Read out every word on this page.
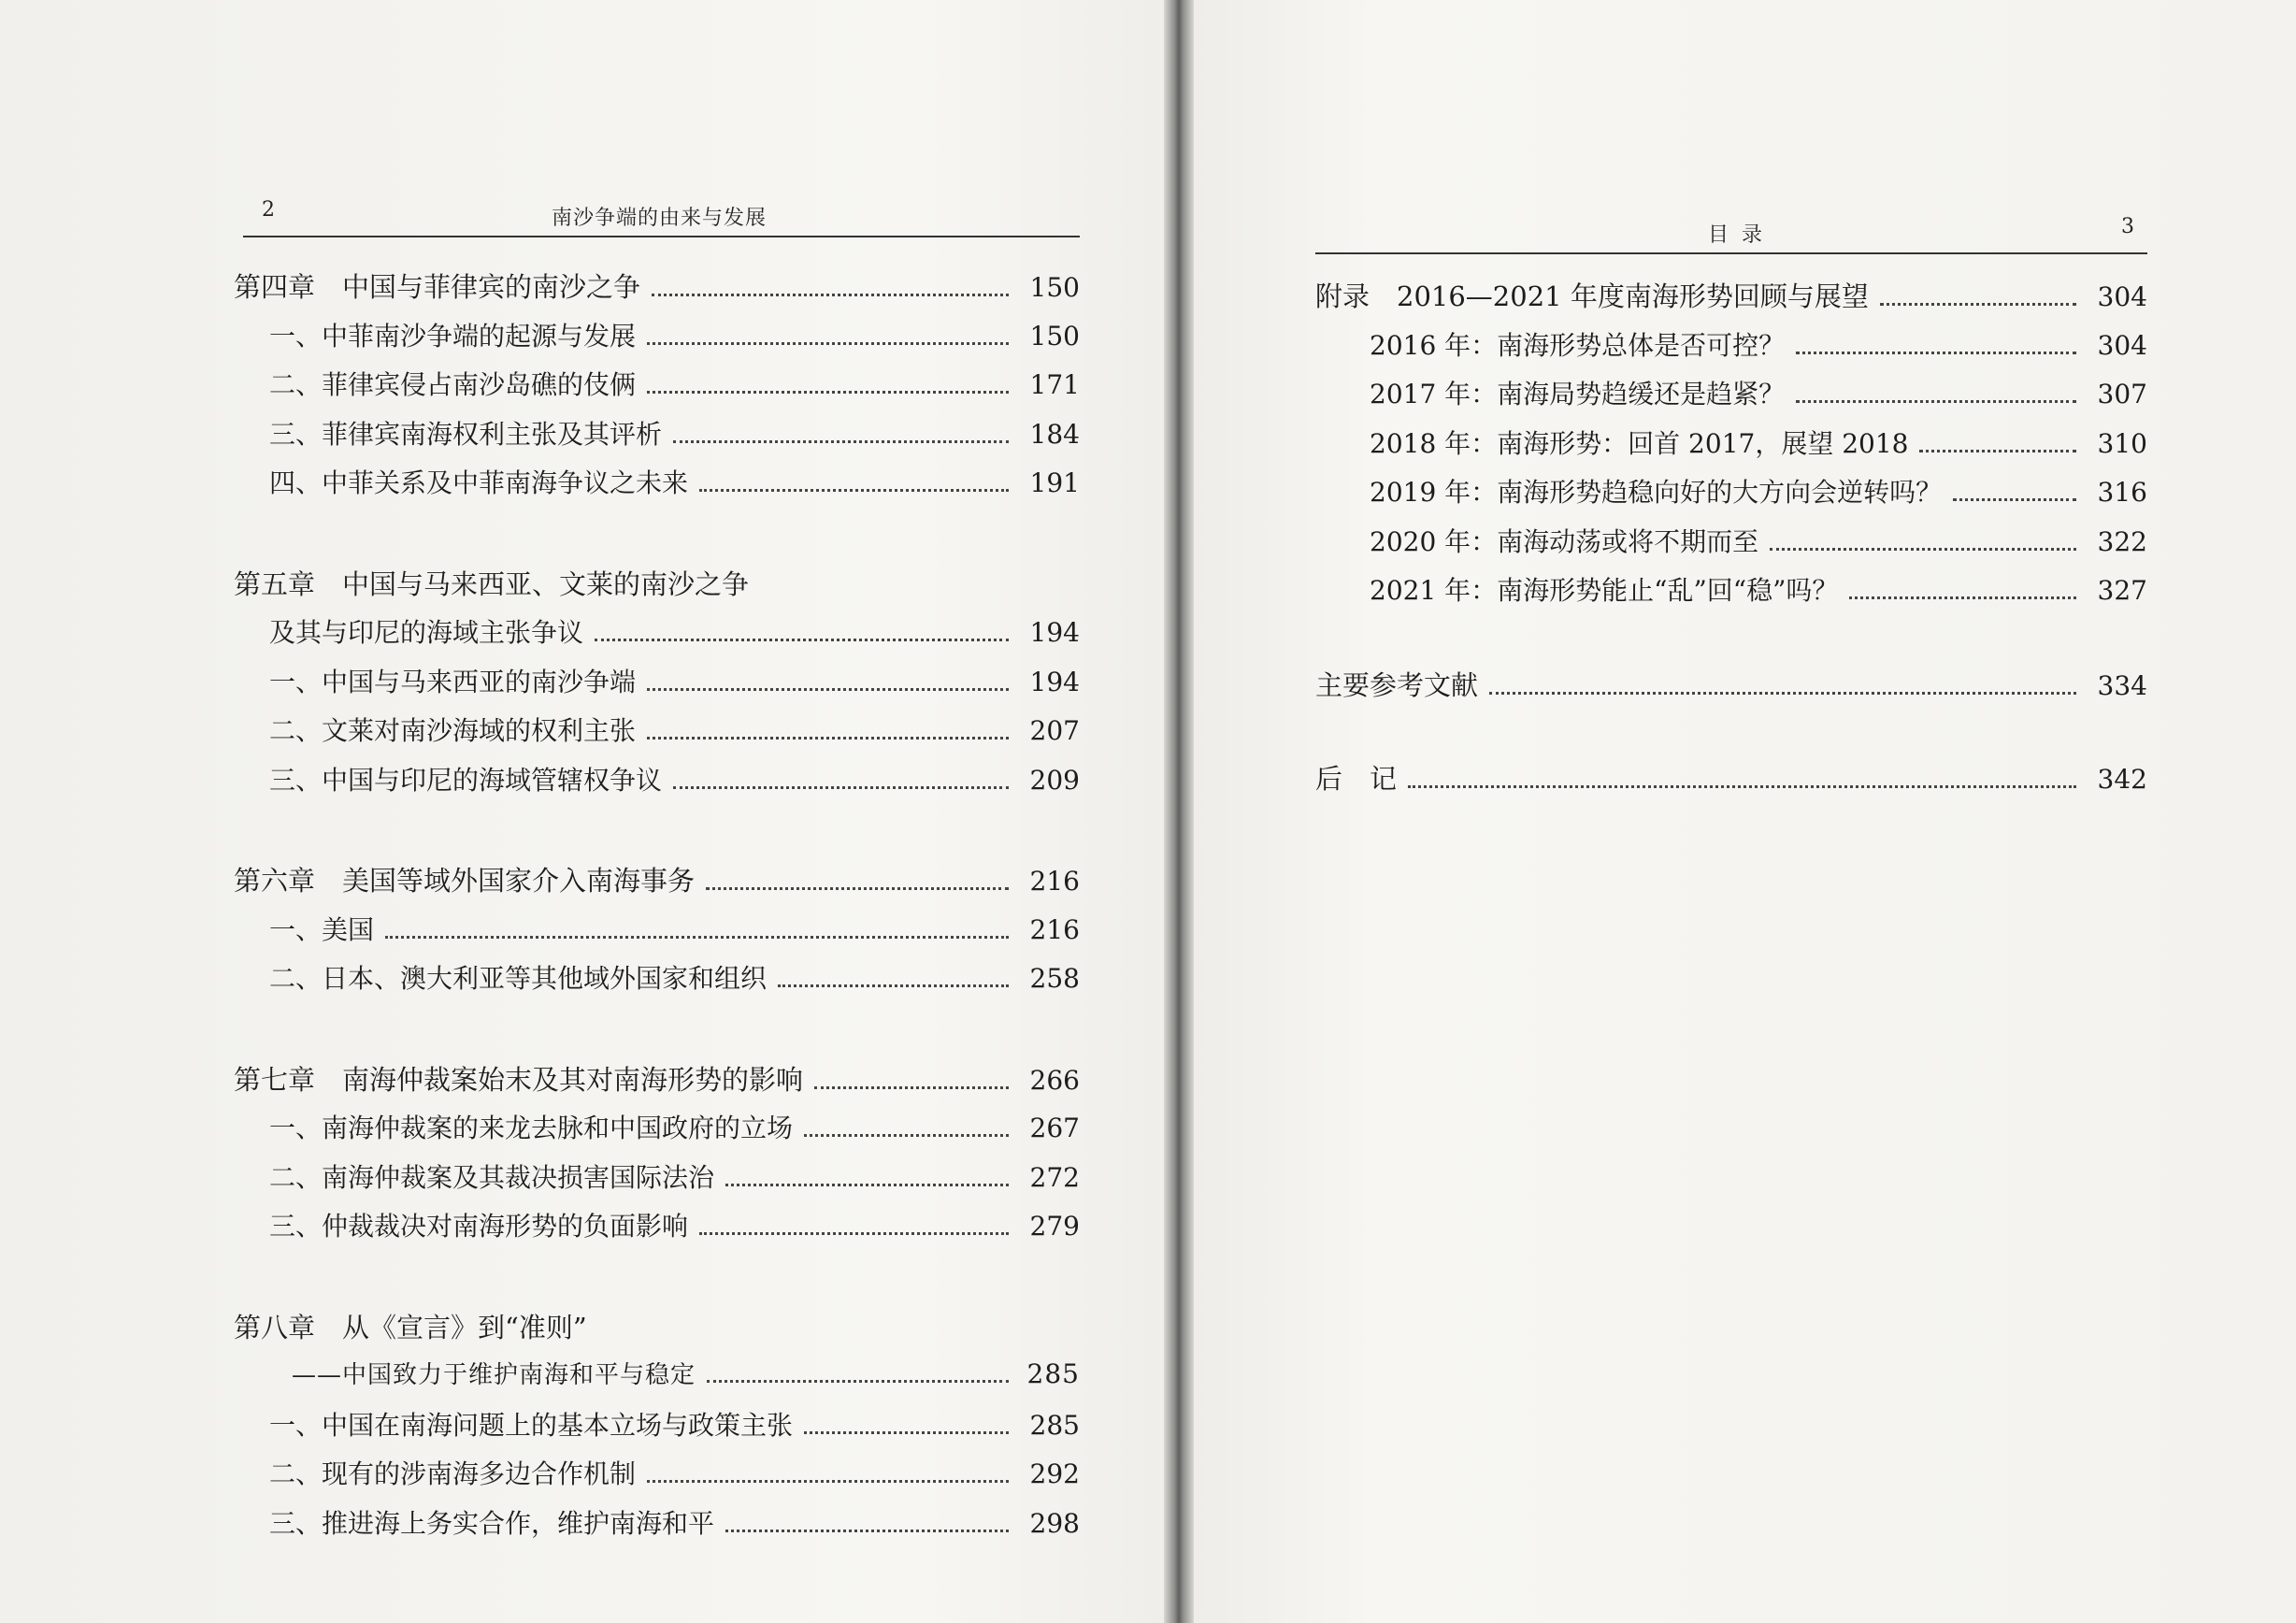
2	南沙争端的由来与发展
第四章　中国与菲律宾的南沙之争	150
一、中菲南沙争端的起源与发展	150
二、菲律宾侵占南沙岛礁的伎俩	171
三、菲律宾南海权利主张及其评析	184
四、中菲关系及中菲南海争议之未来	191
第五章　中国与马来西亚、文莱的南沙之争
及其与印尼的海域主张争议	194
一、中国与马来西亚的南沙争端	194
二、文莱对南沙海域的权利主张	207
三、中国与印尼的海域管辖权争议	209
第六章　美国等域外国家介入南海事务	216
一、美国	216
二、日本、澳大利亚等其他域外国家和组织	258
第七章　南海仲裁案始末及其对南海形势的影响	266
一、南海仲裁案的来龙去脉和中国政府的立场	267
二、南海仲裁案及其裁决损害国际法治	272
三、仲裁裁决对南海形势的负面影响	279
第八章　从《宣言》到“准则”
——中国致力于维护南海和平与稳定	285
一、中国在南海问题上的基本立场与政策主张	285
二、现有的涉南海多边合作机制	292
三、推进海上务实合作，维护南海和平	298
目录	3
附录　2016—2021 年度南海形势回顾与展望	304
2016 年：南海形势总体是否可控？	304
2017 年：南海局势趋缓还是趋紧？	307
2018 年：南海形势：回首 2017，展望 2018	310
2019 年：南海形势趋稳向好的大方向会逆转吗？	316
2020 年：南海动荡或将不期而至	322
2021 年：南海形势能止“乱”回“稳”吗？	327
主要参考文献	334
后　记	342
